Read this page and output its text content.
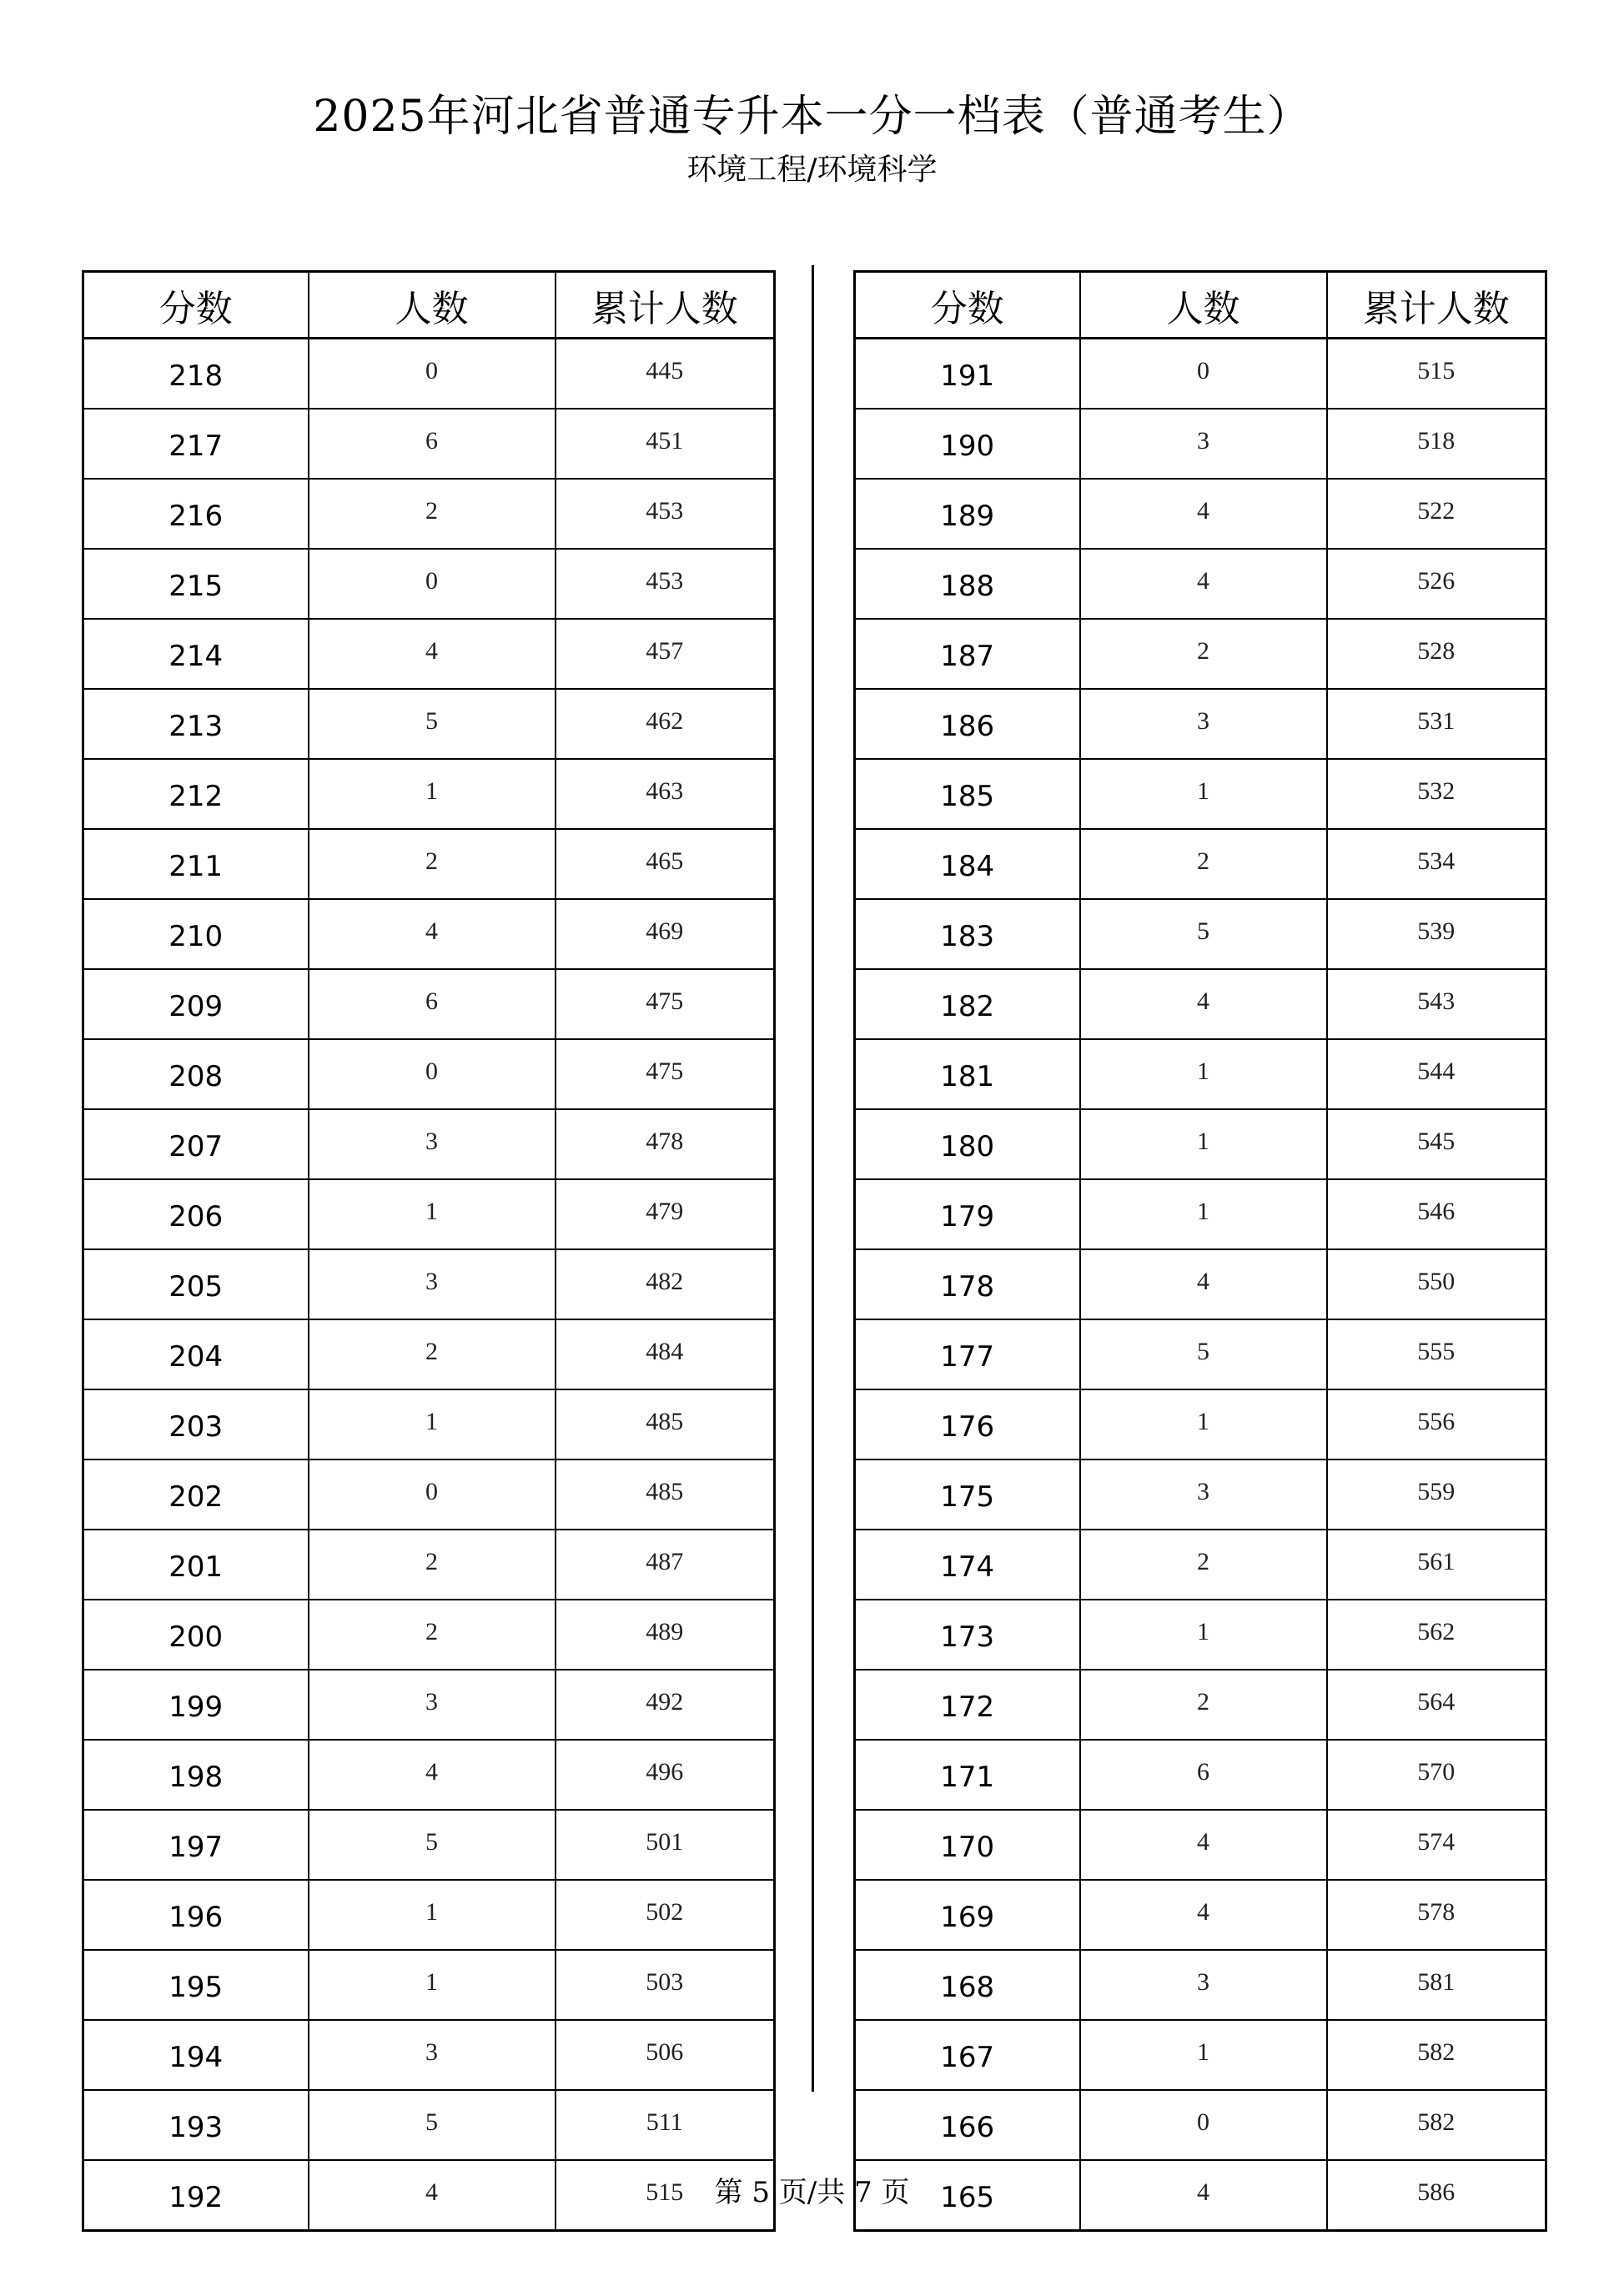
2025年河北省普通专升本一分一档表（普通考生）
环境工程/环境科学
分数	人数	累计人数
218	0	445
217	6	451
216	2	453
215	0	453
214	4	457
213	5	462
212	1	463
211	2	465
210	4	469
209	6	475
208	0	475
207	3	478
206	1	479
205	3	482
204	2	484
203	1	485
202	0	485
201	2	487
200	2	489
199	3	492
198	4	496
197	5	501
196	1	502
195	1	503
194	3	506
193	5	511
192	4	515
分数	人数	累计人数
191	0	515
190	3	518
189	4	522
188	4	526
187	2	528
186	3	531
185	1	532
184	2	534
183	5	539
182	4	543
181	1	544
180	1	545
179	1	546
178	4	550
177	5	555
176	1	556
175	3	559
174	2	561
173	1	562
172	2	564
171	6	570
170	4	574
169	4	578
168	3	581
167	1	582
166	0	582
165	4	586
第 5 页/共 7 页
